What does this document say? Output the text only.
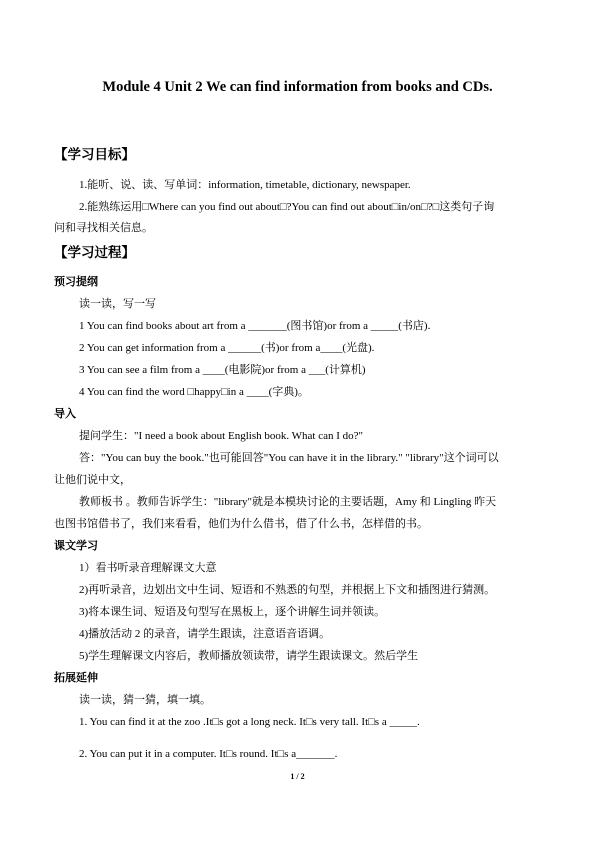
Module 4 Unit 2 We can find information from books and CDs.
【学习目标】
1.能听、说、读、写单词：information, timetable, dictionary, newspaper.
2.能熟练运用□Where can you find out about□?You can find out about□in/on□?□这类句子询
问和寻找相关信息。
【学习过程】
预习提纲
读一读，写一写
1 You can find books about art from a _______(图书馆)or from a _____(书店).
2 You can get information from a ______(书)or from a____(光盘).
3 You can see a film from a ____(电影院)or from a ___(计算机)
4 You can find the word □happy□in a ____(字典)。
导入
提问学生："I need a book about English book. What can I do?"
答："You can buy the book."也可能回答"You can have it in the library." "library"这个词可以
让他们说中文，
教师板书 。教师告诉学生："library"就是本模块讨论的主要话题，Amy 和 Lingling 昨天
也图书馆借书了，我们来看看，他们为什么借书，借了什么书，怎样借的书。
课文学习
1）看书听录音理解课文大意
2)再听录音，边划出文中生词、短语和不熟悉的句型，并根据上下文和插图进行猜测。
3)将本课生词、短语及句型写在黑板上，逐个讲解生词并领读。
4)播放活动 2 的录音，请学生跟读，注意语音语调。
5)学生理解课文内容后，教师播放领读带，请学生跟读课文。然后学生
拓展延伸
读一读，猜一猜，填一填。
1. You can find it at the zoo .It□s got a long neck. It□s very tall. It□s a _____.
2. You can put it in a computer. It□s round. It□s a_______.
1 / 2
